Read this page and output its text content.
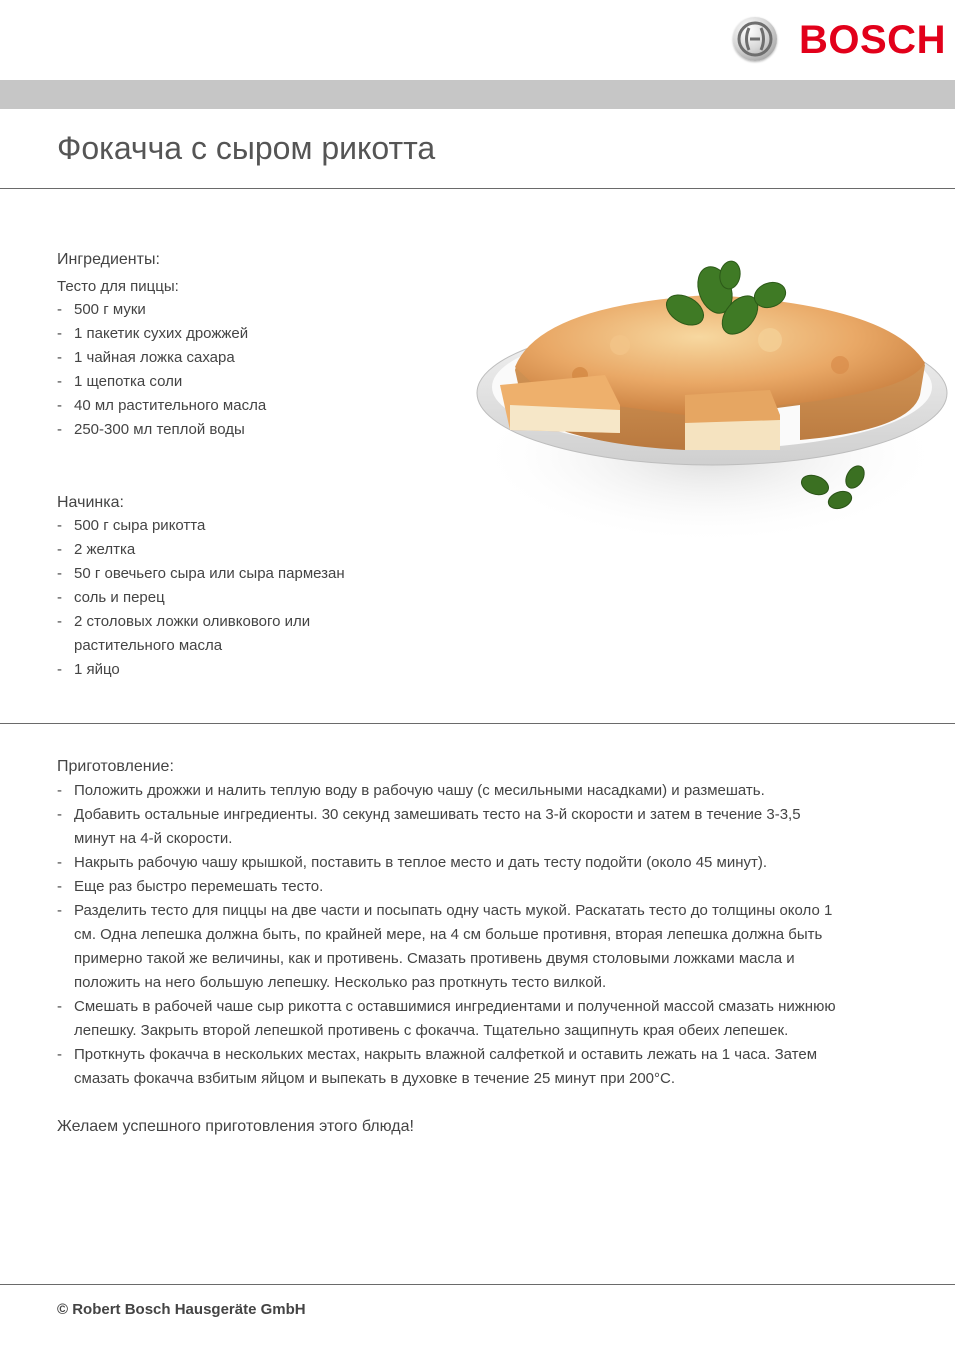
BOSCH
Фокачча с сыром рикотта
Ингредиенты:
Тесто для пиццы:
- 500 г муки
- 1 пакетик сухих дрожжей
- 1 чайная ложка сахара
- 1 щепотка соли
- 40 мл растительного масла
- 250-300 мл теплой воды
Начинка:
- 500 г сыра рикотта
- 2 желтка
- 50 г овечьего сыра или сыра пармезан
- соль и перец
- 2 столовых ложки оливкового или
растительного масла
- 1 яйцо
Приготовление:
- Положить дрожжи и налить теплую воду в рабочую чашу (с месильными насадками) и размешать.
- Добавить остальные ингредиенты. 30 секунд замешивать тесто на 3-й скорости и затем в течение 3-3,5
минут на 4-й скорости.
- Накрыть рабочую чашу крышкой, поставить в теплое место и дать тесту подойти (около 45 минут).
- Еще раз быстро перемешать тесто.
- Разделить тесто для пиццы на две части и посыпать одну часть мукой. Раскатать тесто до толщины около 1
см. Одна лепешка должна быть, по крайней мере, на 4 см больше противня, вторая лепешка должна быть
примерно такой же величины, как и противень. Смазать противень двумя столовыми ложками масла и
положить на него большую лепешку. Несколько раз проткнуть тесто вилкой.
- Смешать в рабочей чаше сыр рикотта с оставшимися ингредиентами и полученной массой смазать нижнюю
лепешку. Закрыть второй лепешкой противень с фокачча. Тщательно защипнуть края обеих лепешек.
- Проткнуть фокачча в нескольких местах, накрыть влажной салфеткой и оставить лежать на 1 часа. Затем
смазать фокачча взбитым яйцом и выпекать в духовке в течение 25 минут при 200°C.
Желаем успешного приготовления этого блюда!
© Robert Bosch Hausgeräte GmbH
